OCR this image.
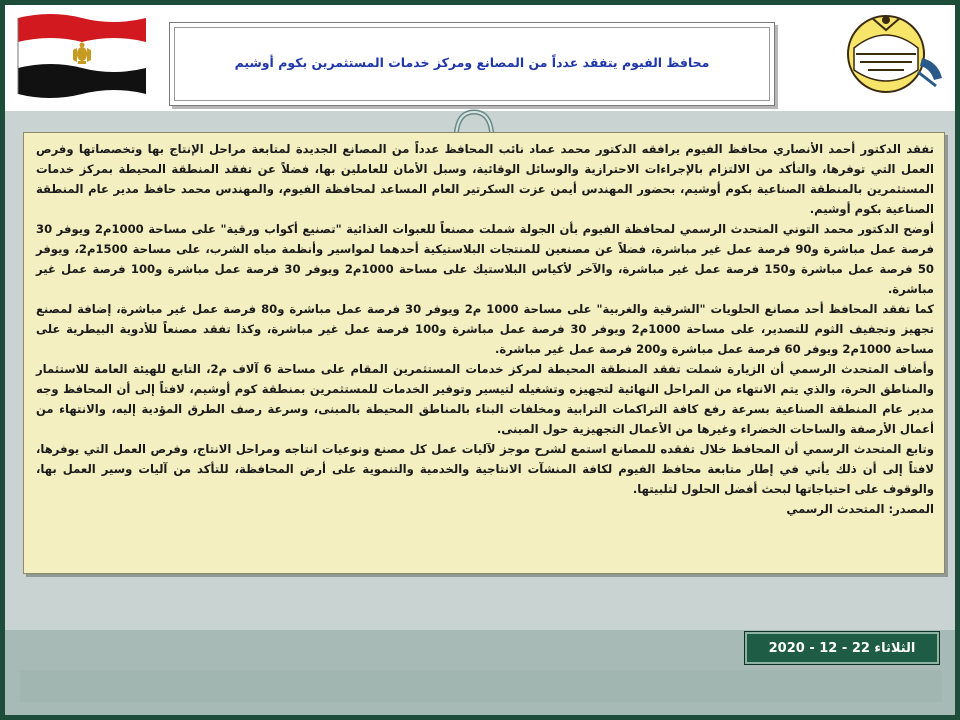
محافظ الفيوم يتفقد عدداً من المصانع ومركز خدمات المستثمرين بكوم أوشيم

تفقد الدكتور أحمد الأنصاري محافظ الفيوم يرافقه الدكتور محمد عماد نائب المحافظ عدداً من المصانع الجديدة لمتابعة مراحل الإنتاج بها وتخصصاتها وفرص العمل التي توفرها، والتأكد من الالتزام بالإجراءات الاحترازية والوسائل الوقائية، وسبل الأمان للعاملين بها، فضلاً عن تفقد المنطقة المحيطة بمركز خدمات المستثمرين بالمنطقة الصناعية بكوم أوشيم، بحضور المهندس أيمن عزت السكرتير العام المساعد لمحافظة الفيوم، والمهندس محمد حافظ مدير عام المنطقة الصناعية بكوم أوشيم.

أوضح الدكتور محمد التوني المتحدث الرسمي لمحافظة الفيوم بأن الجولة شملت مصنعاً للعبوات الغذائية "تصنيع أكواب ورقية" على مساحة 1000م2 ويوفر 30 فرصة عمل مباشرة و90 فرصة عمل غير مباشرة، فضلاً عن مصنعين للمنتجات البلاستيكية أحدهما لمواسير وأنظمة مياه الشرب، على مساحة 1500م2، ويوفر 50 فرصة عمل مباشرة و150 فرصة عمل غير مباشرة، والآخر لأكياس البلاستيك على مساحة 1000م2 ويوفر 30 فرصة عمل مباشرة و100 فرصة عمل غير مباشرة.

كما تفقد المحافظ أحد مصانع الحلويات "الشرقية والغربية" على مساحة 1000 م2 ويوفر 30 فرصة عمل مباشرة و80 فرصة عمل غير مباشرة، إضافة لمصنع تجهيز وتجفيف الثوم للتصدير، على مساحة 1000م2 ويوفر 30 فرصة عمل مباشرة و100 فرصة عمل غير مباشرة، وكذا تفقد مصنعاً للأدوية البيطرية على مساحة 1000م2 ويوفر 60 فرصة عمل مباشرة و200 فرصة عمل غير مباشرة.

وأضاف المتحدث الرسمي أن الزيارة شملت تفقد المنطقة المحيطة لمركز خدمات المستثمرين المقام على مساحة 6 آلاف م2، التابع للهيئة العامة للاستثمار والمناطق الحرة، والذي يتم الانتهاء من المراحل النهائية لتجهيزه وتشغيله لتيسير وتوفير الخدمات للمستثمرين بمنطقة كوم أوشيم، لافتاً إلى أن المحافظ وجه مدير عام المنطقة الصناعية بسرعة رفع كافة التراكمات الترابية ومخلفات البناء بالمناطق المحيطة بالمبنى، وسرعة رصف الطرق المؤدية إليه، والانتهاء من أعمال الأرصفة والساحات الخضراء وغيرها من الأعمال التجهيزية حول المبنى.

وتابع المتحدث الرسمي أن المحافظ خلال تفقده للمصانع استمع لشرح موجز لآليات عمل كل مصنع ونوعيات انتاجه ومراحل الانتاج، وفرص العمل التي يوفرها، لافتاً إلى أن ذلك يأتي في إطار متابعة محافظ الفيوم لكافة المنشآت الانتاجية والخدمية والتنموية على أرض المحافظة، للتأكد من آليات وسير العمل بها، والوقوف على احتياجاتها لبحث أفضل الحلول لتلبيتها.

المصدر: المتحدث الرسمي

الثلاثاء 22 - 12 - 2020
